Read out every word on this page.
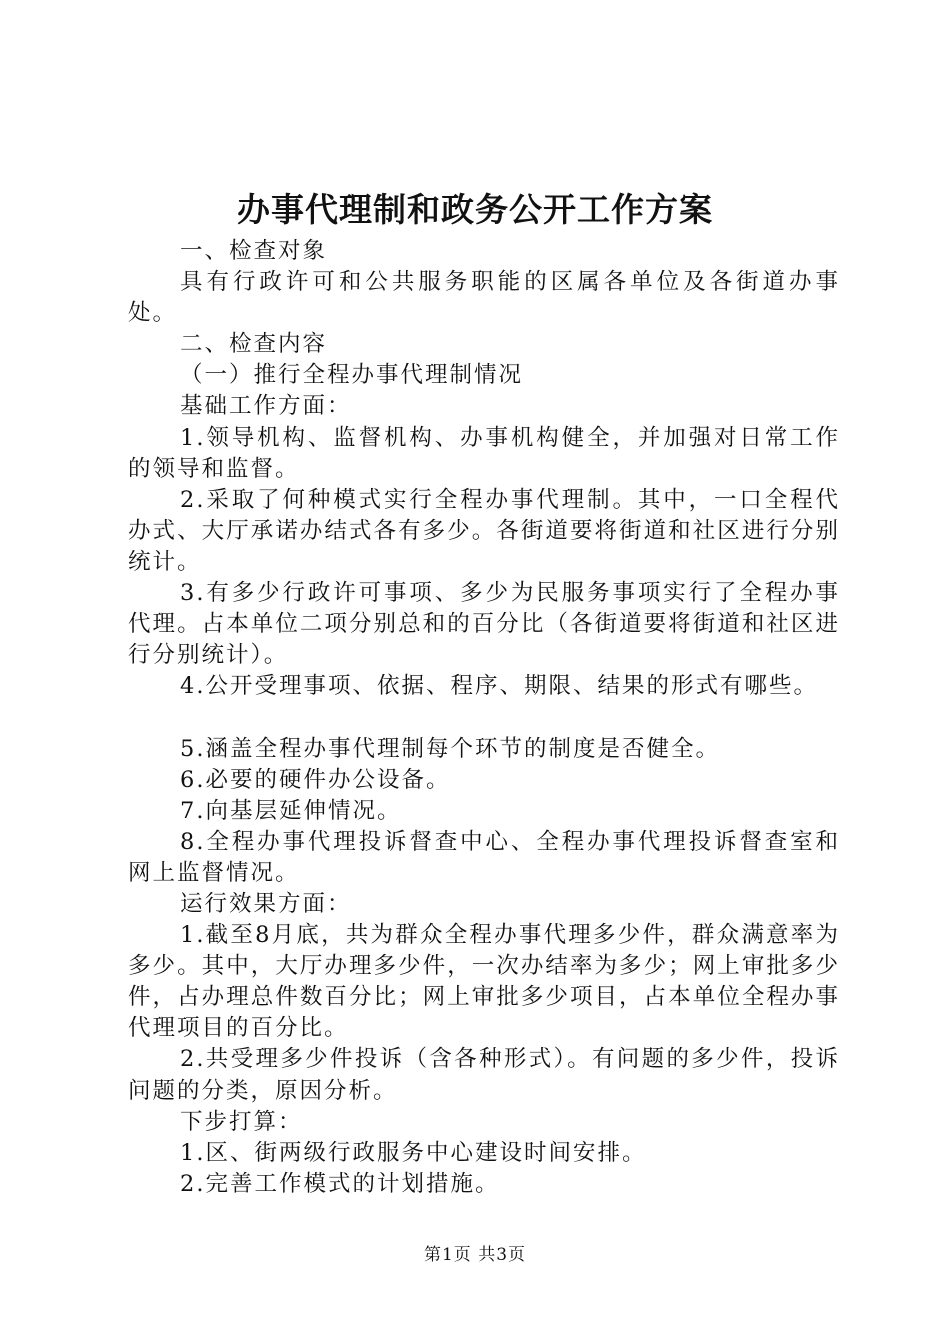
办事代理制和政务公开工作方案

一、检查对象

具有行政许可和公共服务职能的区属各单位及各街道办事处。

二、检查内容

（一）推行全程办事代理制情况

基础工作方面：

1.领导机构、监督机构、办事机构健全，并加强对日常工作的领导和监督。

2.采取了何种模式实行全程办事代理制。其中，一口全程代办式、大厅承诺办结式各有多少。各街道要将街道和社区进行分别统计。

3.有多少行政许可事项、多少为民服务事项实行了全程办事代理。占本单位二项分别总和的百分比（各街道要将街道和社区进行分别统计）。

4.公开受理事项、依据、程序、期限、结果的形式有哪些。

5.涵盖全程办事代理制每个环节的制度是否健全。

6.必要的硬件办公设备。

7.向基层延伸情况。

8.全程办事代理投诉督查中心、全程办事代理投诉督查室和网上监督情况。

运行效果方面：

1.截至8月底，共为群众全程办事代理多少件，群众满意率为多少。其中，大厅办理多少件，一次办结率为多少；网上审批多少件，占办理总件数百分比；网上审批多少项目，占本单位全程办事代理项目的百分比。

2.共受理多少件投诉（含各种形式）。有问题的多少件，投诉问题的分类，原因分析。

下步打算：

1.区、街两级行政服务中心建设时间安排。

2.完善工作模式的计划措施。

第1页 共3页
